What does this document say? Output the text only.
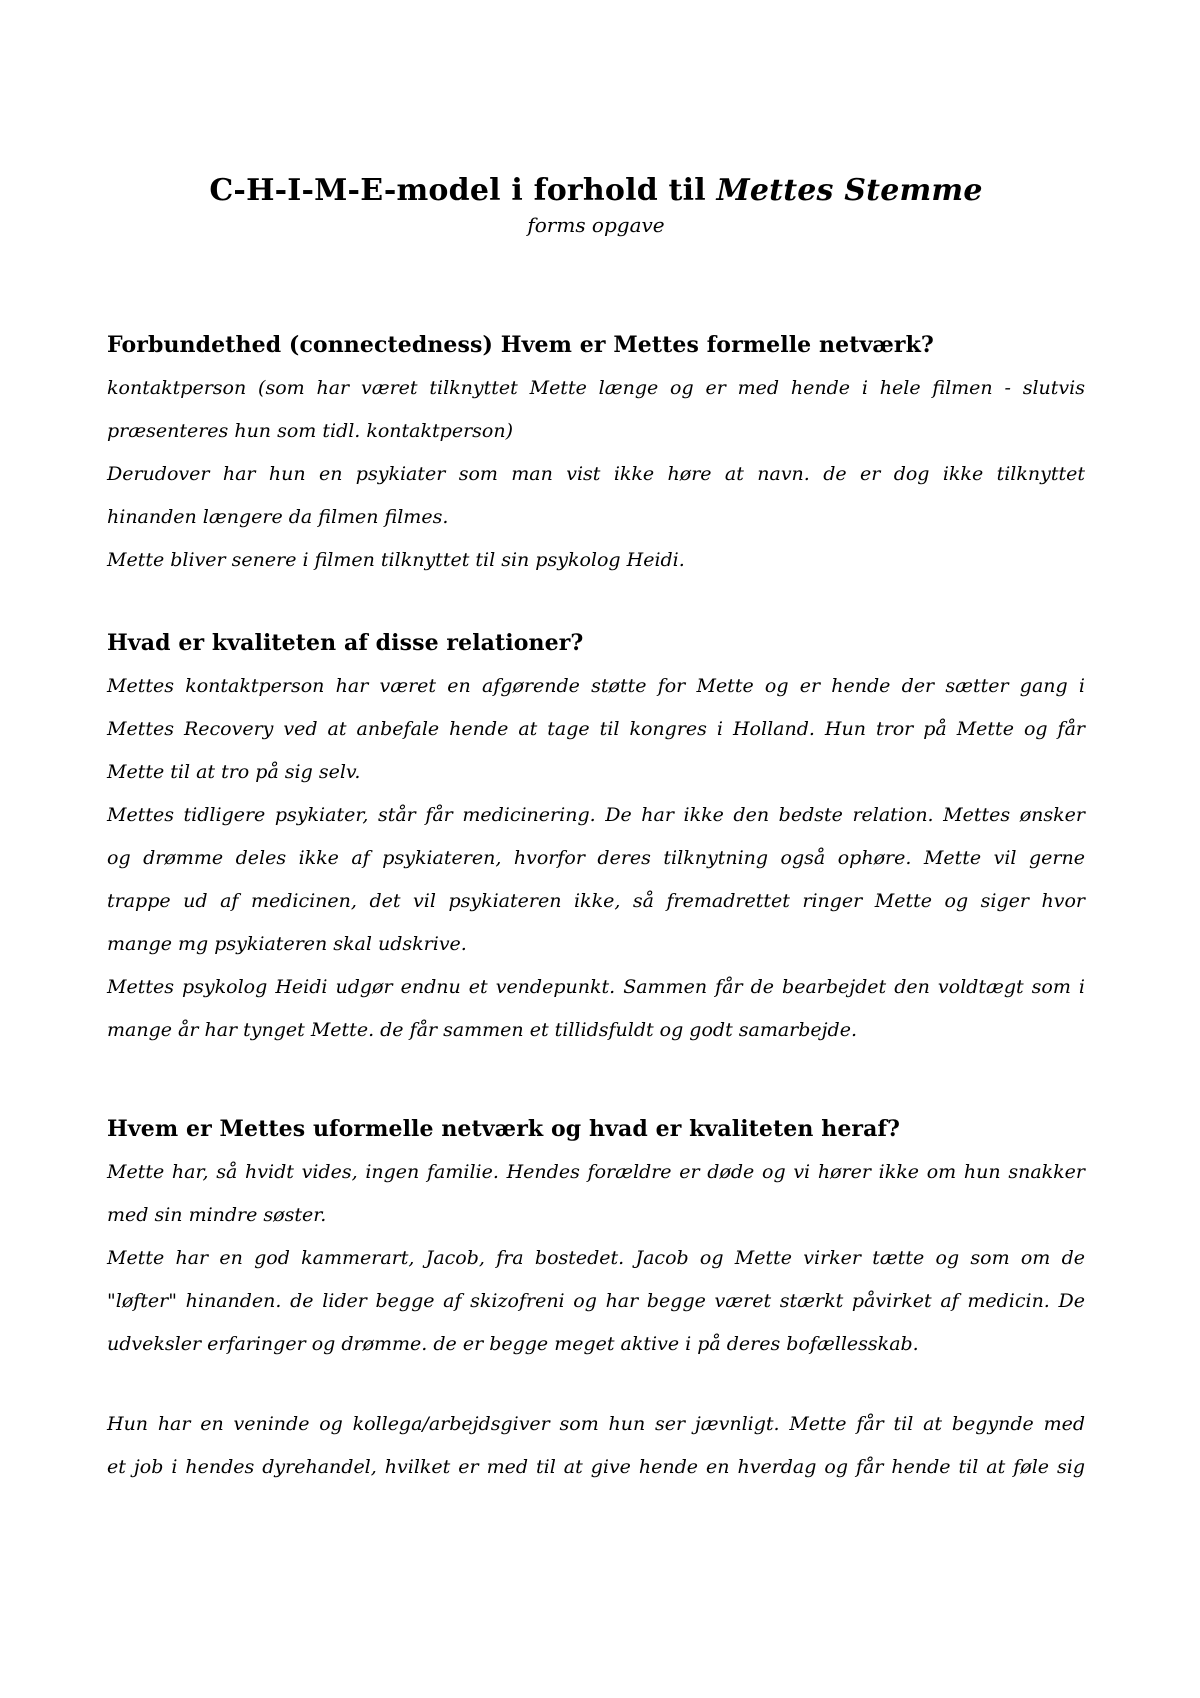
C-H-I-M-E-model i forhold til Mettes Stemme
forms opgave
Forbundethed (connectedness) Hvem er Mettes formelle netværk?
kontaktperson (som har været tilknyttet Mette længe og er med hende i hele filmen - slutvis
præsenteres hun som tidl. kontaktperson)
Derudover har hun en psykiater som man vist ikke høre at navn. de er dog ikke tilknyttet
hinanden længere da filmen filmes.
Mette bliver senere i filmen tilknyttet til sin psykolog Heidi.
Hvad er kvaliteten af disse relationer?
Mettes kontaktperson har været en afgørende støtte for Mette og er hende der sætter gang i
Mettes Recovery ved at anbefale hende at tage til kongres i Holland. Hun tror på Mette og får
Mette til at tro på sig selv.
Mettes tidligere psykiater, står får medicinering. De har ikke den bedste relation. Mettes ønsker
og drømme deles ikke af psykiateren, hvorfor deres tilknytning også ophøre. Mette vil gerne
trappe ud af medicinen, det vil psykiateren ikke, så fremadrettet ringer Mette og siger hvor
mange mg psykiateren skal udskrive.
Mettes psykolog Heidi udgør endnu et vendepunkt. Sammen får de bearbejdet den voldtægt som i
mange år har tynget Mette. de får sammen et tillidsfuldt og godt samarbejde.
Hvem er Mettes uformelle netværk og hvad er kvaliteten heraf?
Mette har, så hvidt vides, ingen familie. Hendes forældre er døde og vi hører ikke om hun snakker
med sin mindre søster.
Mette har en god kammerart, Jacob, fra bostedet. Jacob og Mette virker tætte og som om de
"løfter" hinanden. de lider begge af skizofreni og har begge været stærkt påvirket af medicin. De
udveksler erfaringer og drømme. de er begge meget aktive i på deres bofællesskab.
Hun har en veninde og kollega/arbejdsgiver som hun ser jævnligt. Mette får til at begynde med
et job i hendes dyrehandel, hvilket er med til at give hende en hverdag og får hende til at føle sig
